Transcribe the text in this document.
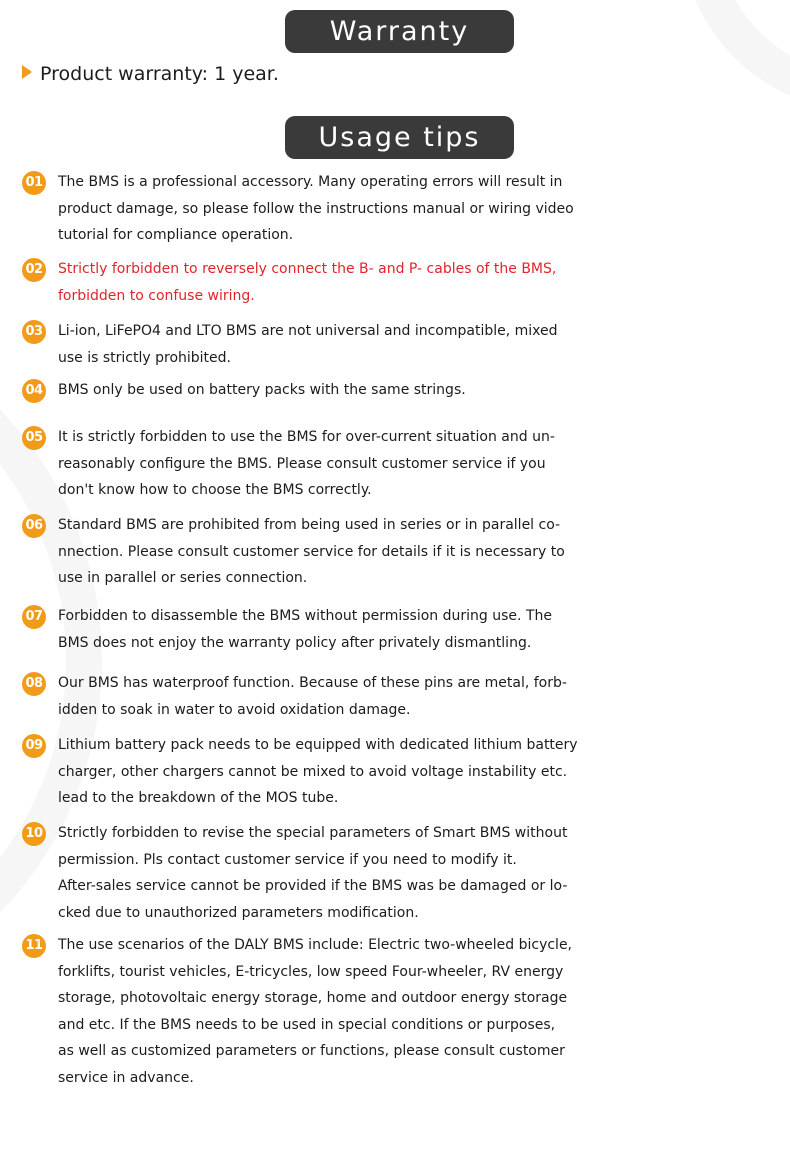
Warranty
Product warranty: 1 year.
Usage tips
01 The BMS is a professional accessory. Many operating errors will result in
product damage, so please follow the instructions manual or wiring video
tutorial for compliance operation.
02 Strictly forbidden to reversely connect the B- and P- cables of the BMS,
forbidden to confuse wiring.
03 Li-ion, LiFePO4 and LTO BMS are not universal and incompatible, mixed
use is strictly prohibited.
04 BMS only be used on battery packs with the same strings.
05 It is strictly forbidden to use the BMS for over-current situation and un-
reasonably configure the BMS. Please consult customer service if you
don't know how to choose the BMS correctly.
06 Standard BMS are prohibited from being used in series or in parallel co-
nnection. Please consult customer service for details if it is necessary to
use in parallel or series connection.
07 Forbidden to disassemble the BMS without permission during use. The
BMS does not enjoy the warranty policy after privately dismantling.
08 Our BMS has waterproof function. Because of these pins are metal, forb-
idden to soak in water to avoid oxidation damage.
09 Lithium battery pack needs to be equipped with dedicated lithium battery
charger, other chargers cannot be mixed to avoid voltage instability etc.
lead to the breakdown of the MOS tube.
10 Strictly forbidden to revise the special parameters of Smart BMS without
permission. Pls contact customer service if you need to modify it.
After-sales service cannot be provided if the BMS was be damaged or lo-
cked due to unauthorized parameters modification.
11 The use scenarios of the DALY BMS include: Electric two-wheeled bicycle,
forklifts, tourist vehicles, E-tricycles, low speed Four-wheeler, RV energy
storage, photovoltaic energy storage, home and outdoor energy storage
and etc. If the BMS needs to be used in special conditions or purposes,
as well as customized parameters or functions, please consult customer
service in advance.
